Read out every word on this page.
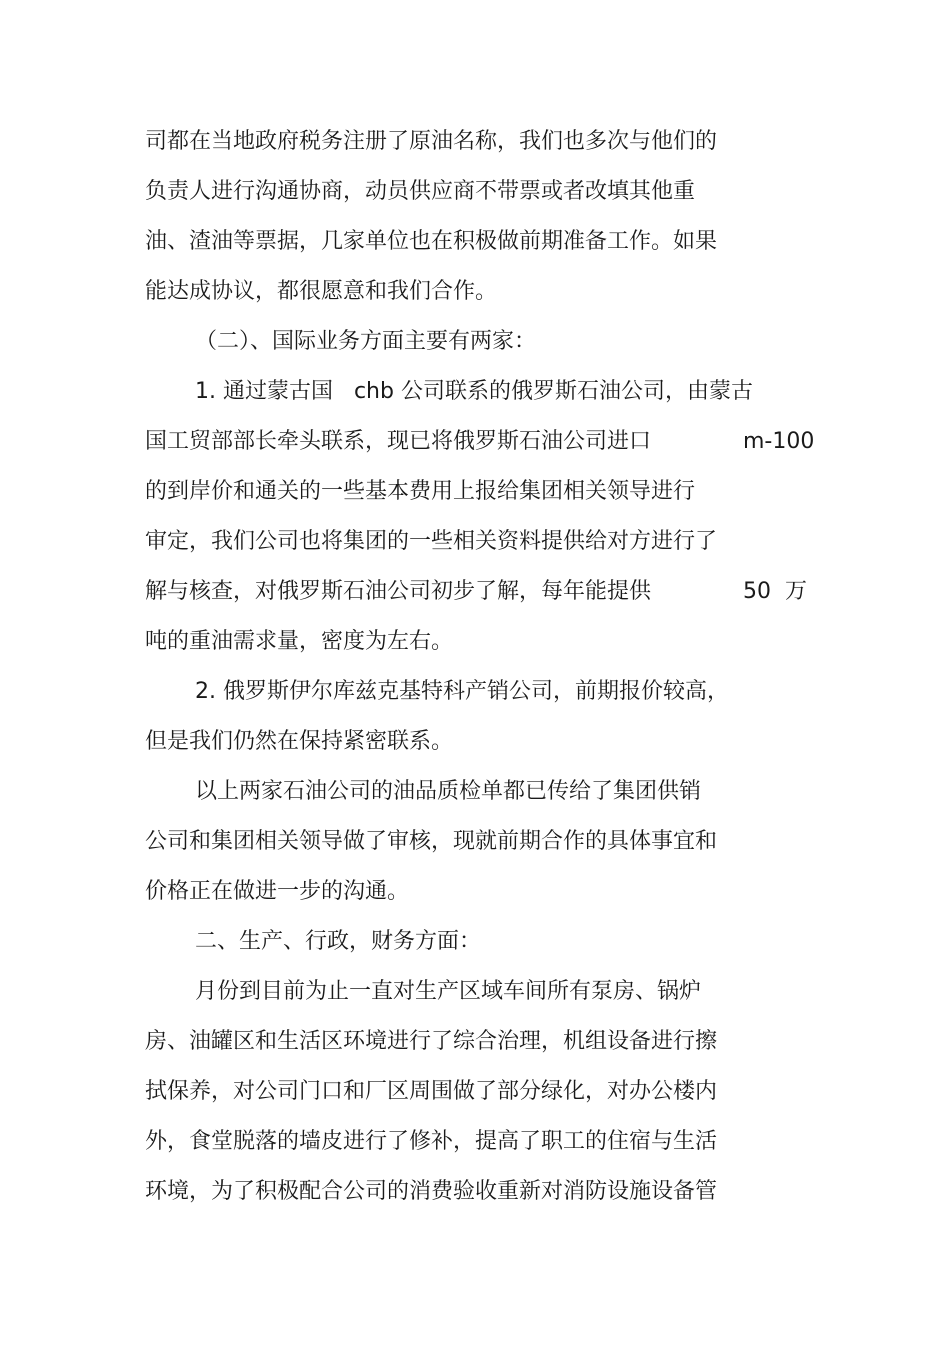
司都在当地政府税务注册了原油名称，我们也多次与他们的
负责人进行沟通协商，动员供应商不带票或者改填其他重
油、渣油等票据，几家单位也在积极做前期准备工作。如果
能达成协议，都很愿意和我们合作。
（二）、国际业务方面主要有两家：
1. 通过蒙古国   chb 公司联系的俄罗斯石油公司，由蒙古
国工贸部部长牵头联系，现已将俄罗斯石油公司进口	m-100
的到岸价和通关的一些基本费用上报给集团相关领导进行
审定，我们公司也将集团的一些相关资料提供给对方进行了
解与核查，对俄罗斯石油公司初步了解，每年能提供	50  万
吨的重油需求量，密度为左右。
2. 俄罗斯伊尔库兹克基特科产销公司，前期报价较高，
但是我们仍然在保持紧密联系。
以上两家石油公司的油品质检单都已传给了集团供销
公司和集团相关领导做了审核，现就前期合作的具体事宜和
价格正在做进一步的沟通。
二、生产、行政，财务方面：
月份到目前为止一直对生产区域车间所有泵房、锅炉
房、油罐区和生活区环境进行了综合治理，机组设备进行擦
拭保养，对公司门口和厂区周围做了部分绿化，对办公楼内
外，食堂脱落的墙皮进行了修补，提高了职工的住宿与生活
环境，为了积极配合公司的消费验收重新对消防设施设备管
